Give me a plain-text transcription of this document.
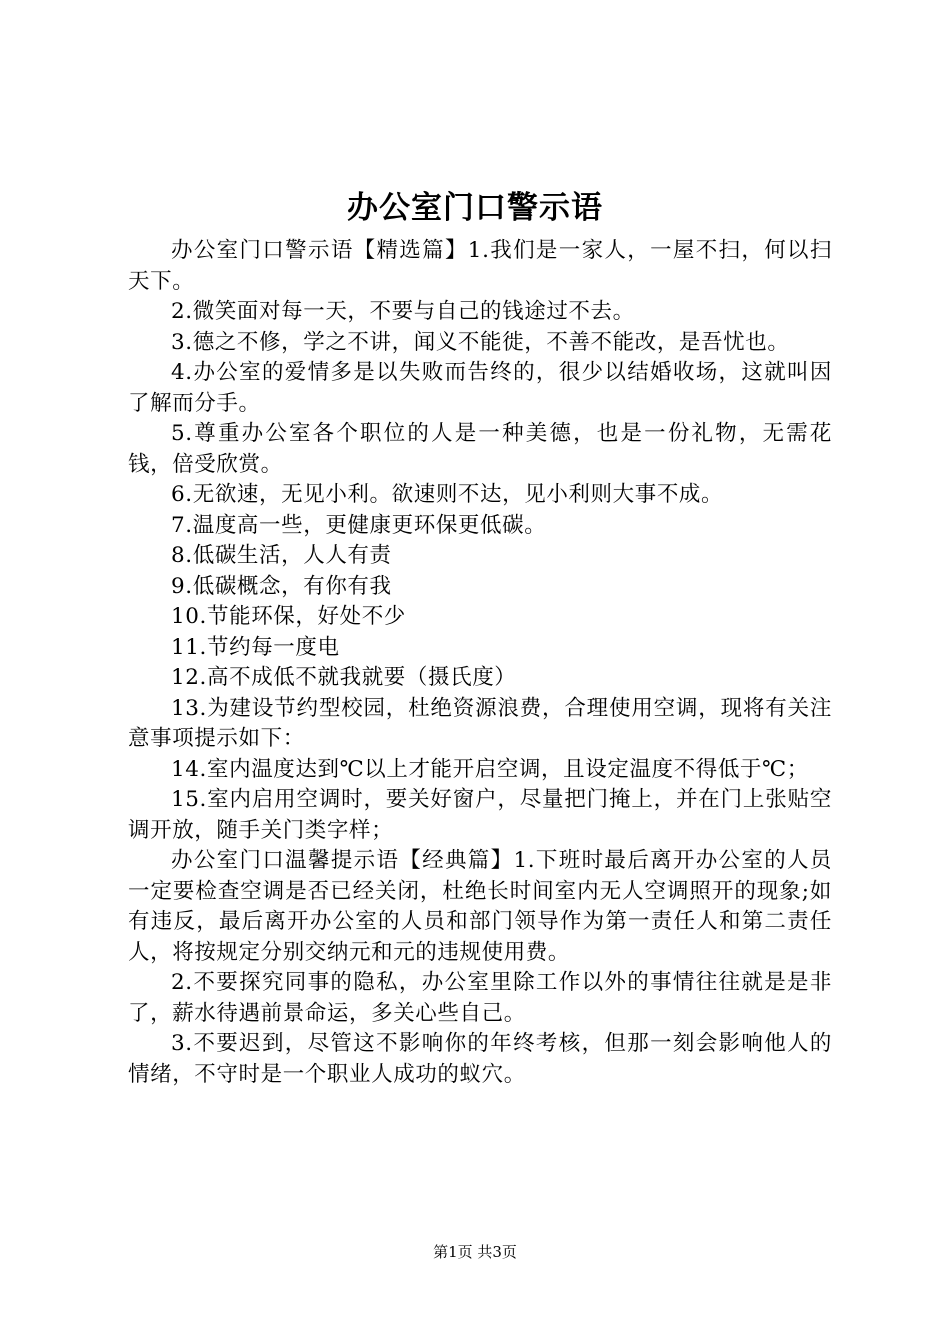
办公室门口警示语

办公室门口警示语【精选篇】1.我们是一家人，一屋不扫，何以扫天下。

2.微笑面对每一天，不要与自己的钱途过不去。

3.德之不修，学之不讲，闻义不能徙，不善不能改，是吾忧也。

4.办公室的爱情多是以失败而告终的，很少以结婚收场，这就叫因了解而分手。

5.尊重办公室各个职位的人是一种美德，也是一份礼物，无需花钱，倍受欣赏。

6.无欲速，无见小利。欲速则不达，见小利则大事不成。

7.温度高一些，更健康更环保更低碳。

8.低碳生活，人人有责

9.低碳概念，有你有我

10.节能环保，好处不少

11.节约每一度电

12.高不成低不就我就要（摄氏度）

13.为建设节约型校园，杜绝资源浪费，合理使用空调，现将有关注意事项提示如下：

14.室内温度达到℃以上才能开启空调，且设定温度不得低于℃；

15.室内启用空调时，要关好窗户，尽量把门掩上，并在门上张贴空调开放，随手关门类字样；

办公室门口温馨提示语【经典篇】1.下班时最后离开办公室的人员一定要检查空调是否已经关闭，杜绝长时间室内无人空调照开的现象;如有违反，最后离开办公室的人员和部门领导作为第一责任人和第二责任人，将按规定分别交纳元和元的违规使用费。

2.不要探究同事的隐私，办公室里除工作以外的事情往往就是是非了，薪水待遇前景命运，多关心些自己。

3.不要迟到，尽管这不影响你的年终考核，但那一刻会影响他人的情绪，不守时是一个职业人成功的蚁穴。

第1页 共3页
